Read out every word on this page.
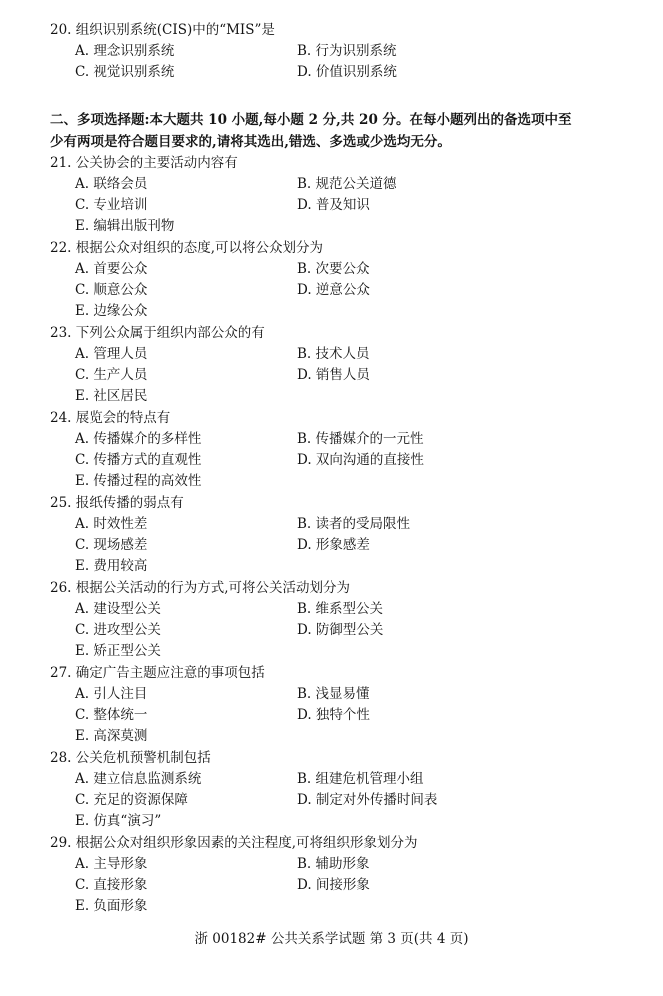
20. 组织识别系统(CIS)中的“MIS”是
A. 理念识别系统	B. 行为识别系统
C. 视觉识别系统	D. 价值识别系统
二、多项选择题:本大题共 10 小题,每小题 2 分,共 20 分。在每小题列出的备选项中至
少有两项是符合题目要求的,请将其选出,错选、多选或少选均无分。
21. 公关协会的主要活动内容有
A. 联络会员	B. 规范公关道德
C. 专业培训	D. 普及知识
E. 编辑出版刊物
22. 根据公众对组织的态度,可以将公众划分为
A. 首要公众	B. 次要公众
C. 顺意公众	D. 逆意公众
E. 边缘公众
23. 下列公众属于组织内部公众的有
A. 管理人员	B. 技术人员
C. 生产人员	D. 销售人员
E. 社区居民
24. 展览会的特点有
A. 传播媒介的多样性	B. 传播媒介的一元性
C. 传播方式的直观性	D. 双向沟通的直接性
E. 传播过程的高效性
25. 报纸传播的弱点有
A. 时效性差	B. 读者的受局限性
C. 现场感差	D. 形象感差
E. 费用较高
26. 根据公关活动的行为方式,可将公关活动划分为
A. 建设型公关	B. 维系型公关
C. 进攻型公关	D. 防御型公关
E. 矫正型公关
27. 确定广告主题应注意的事项包括
A. 引人注目	B. 浅显易懂
C. 整体统一	D. 独特个性
E. 高深莫测
28. 公关危机预警机制包括
A. 建立信息监测系统	B. 组建危机管理小组
C. 充足的资源保障	D. 制定对外传播时间表
E. 仿真“演习”
29. 根据公众对组织形象因素的关注程度,可将组织形象划分为
A. 主导形象	B. 辅助形象
C. 直接形象	D. 间接形象
E. 负面形象
浙 00182# 公共关系学试题 第 3 页(共 4 页)
